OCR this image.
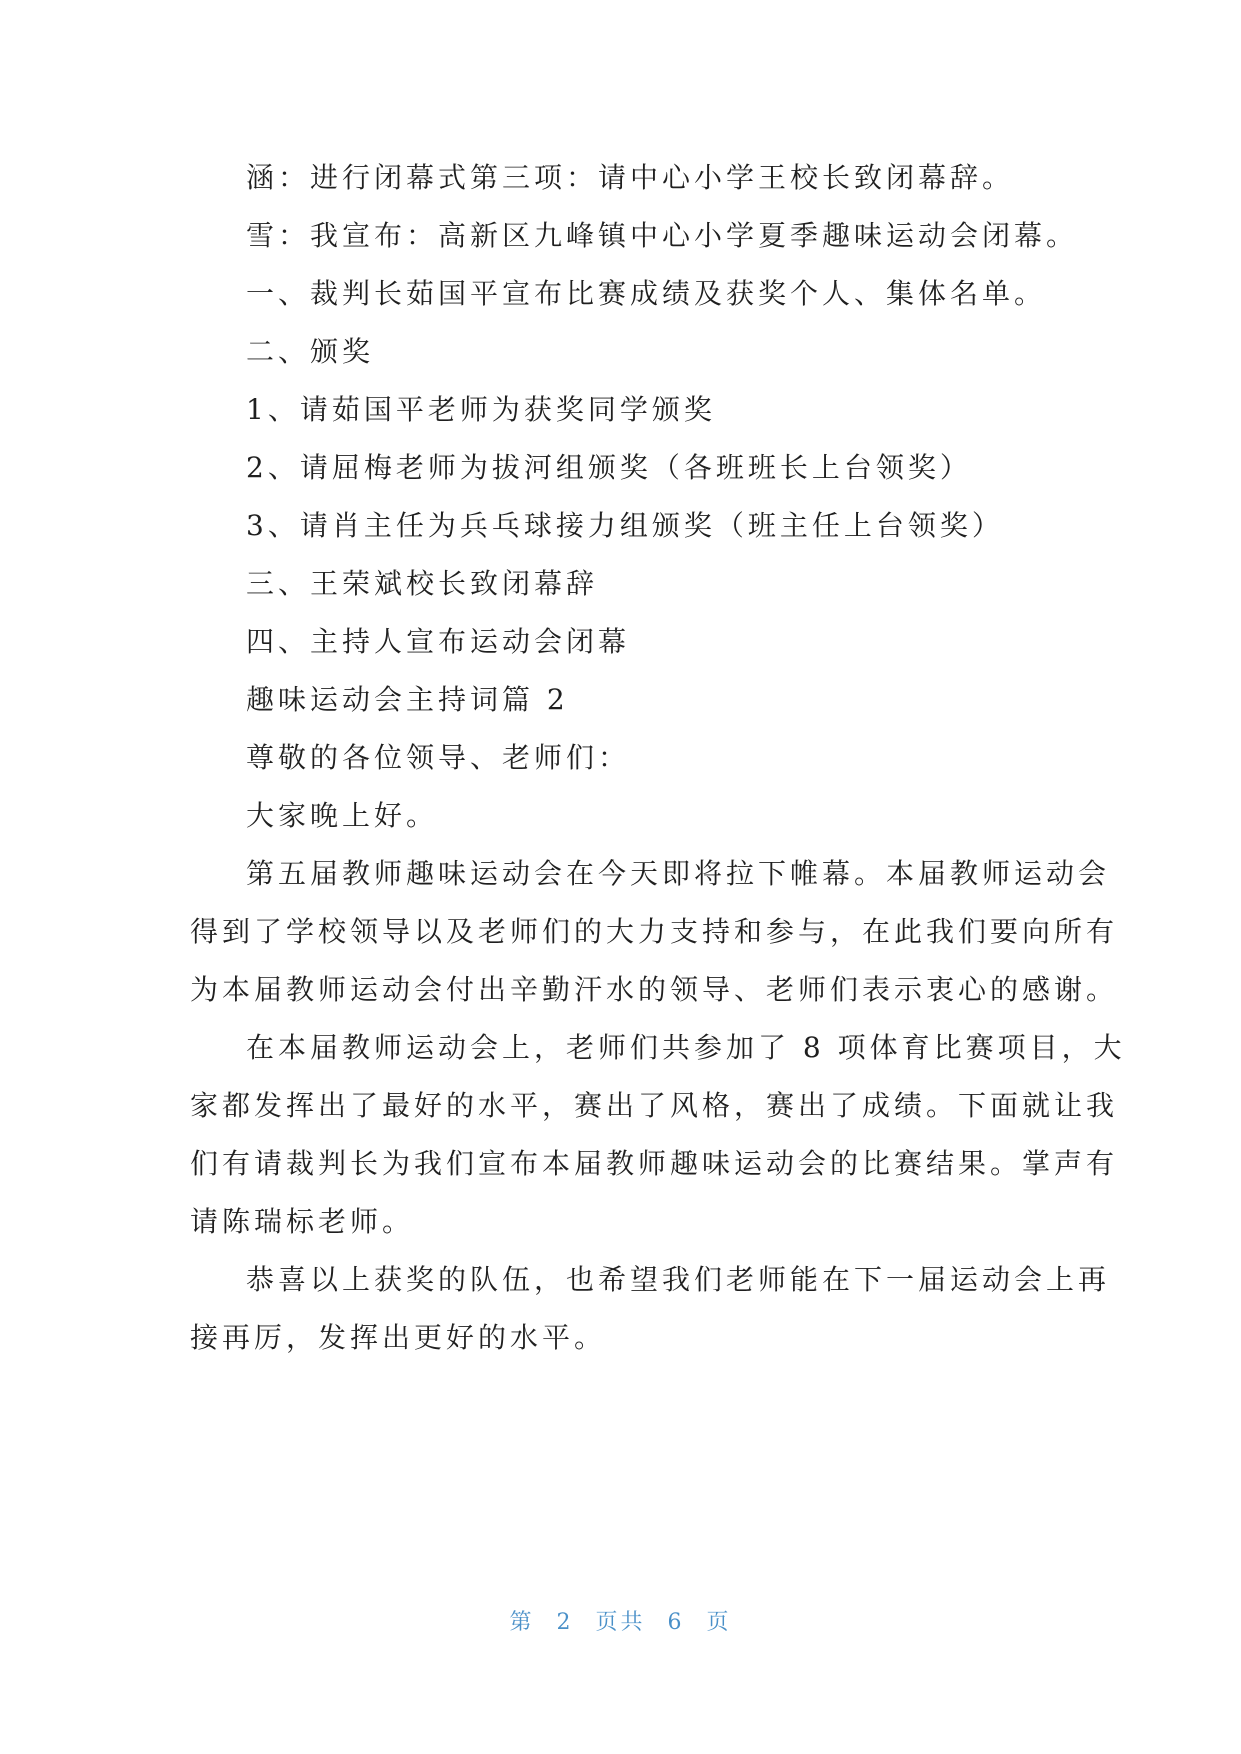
涵：进行闭幕式第三项：请中心小学王校长致闭幕辞。
雪：我宣布：高新区九峰镇中心小学夏季趣味运动会闭幕。
一、裁判长茹国平宣布比赛成绩及获奖个人、集体名单。
二、颁奖
1、请茹国平老师为获奖同学颁奖
2、请屈梅老师为拔河组颁奖（各班班长上台领奖）
3、请肖主任为兵乓球接力组颁奖（班主任上台领奖）
三、王荣斌校长致闭幕辞
四、主持人宣布运动会闭幕
趣味运动会主持词篇 2
尊敬的各位领导、老师们：
大家晚上好。
第五届教师趣味运动会在今天即将拉下帷幕。本届教师运动会
得到了学校领导以及老师们的大力支持和参与，在此我们要向所有
为本届教师运动会付出辛勤汗水的领导、老师们表示衷心的感谢。
在本届教师运动会上，老师们共参加了 8 项体育比赛项目，大
家都发挥出了最好的水平，赛出了风格，赛出了成绩。下面就让我
们有请裁判长为我们宣布本届教师趣味运动会的比赛结果。掌声有
请陈瑞标老师。
恭喜以上获奖的队伍，也希望我们老师能在下一届运动会上再
接再厉，发挥出更好的水平。
第 2 页共 6 页
